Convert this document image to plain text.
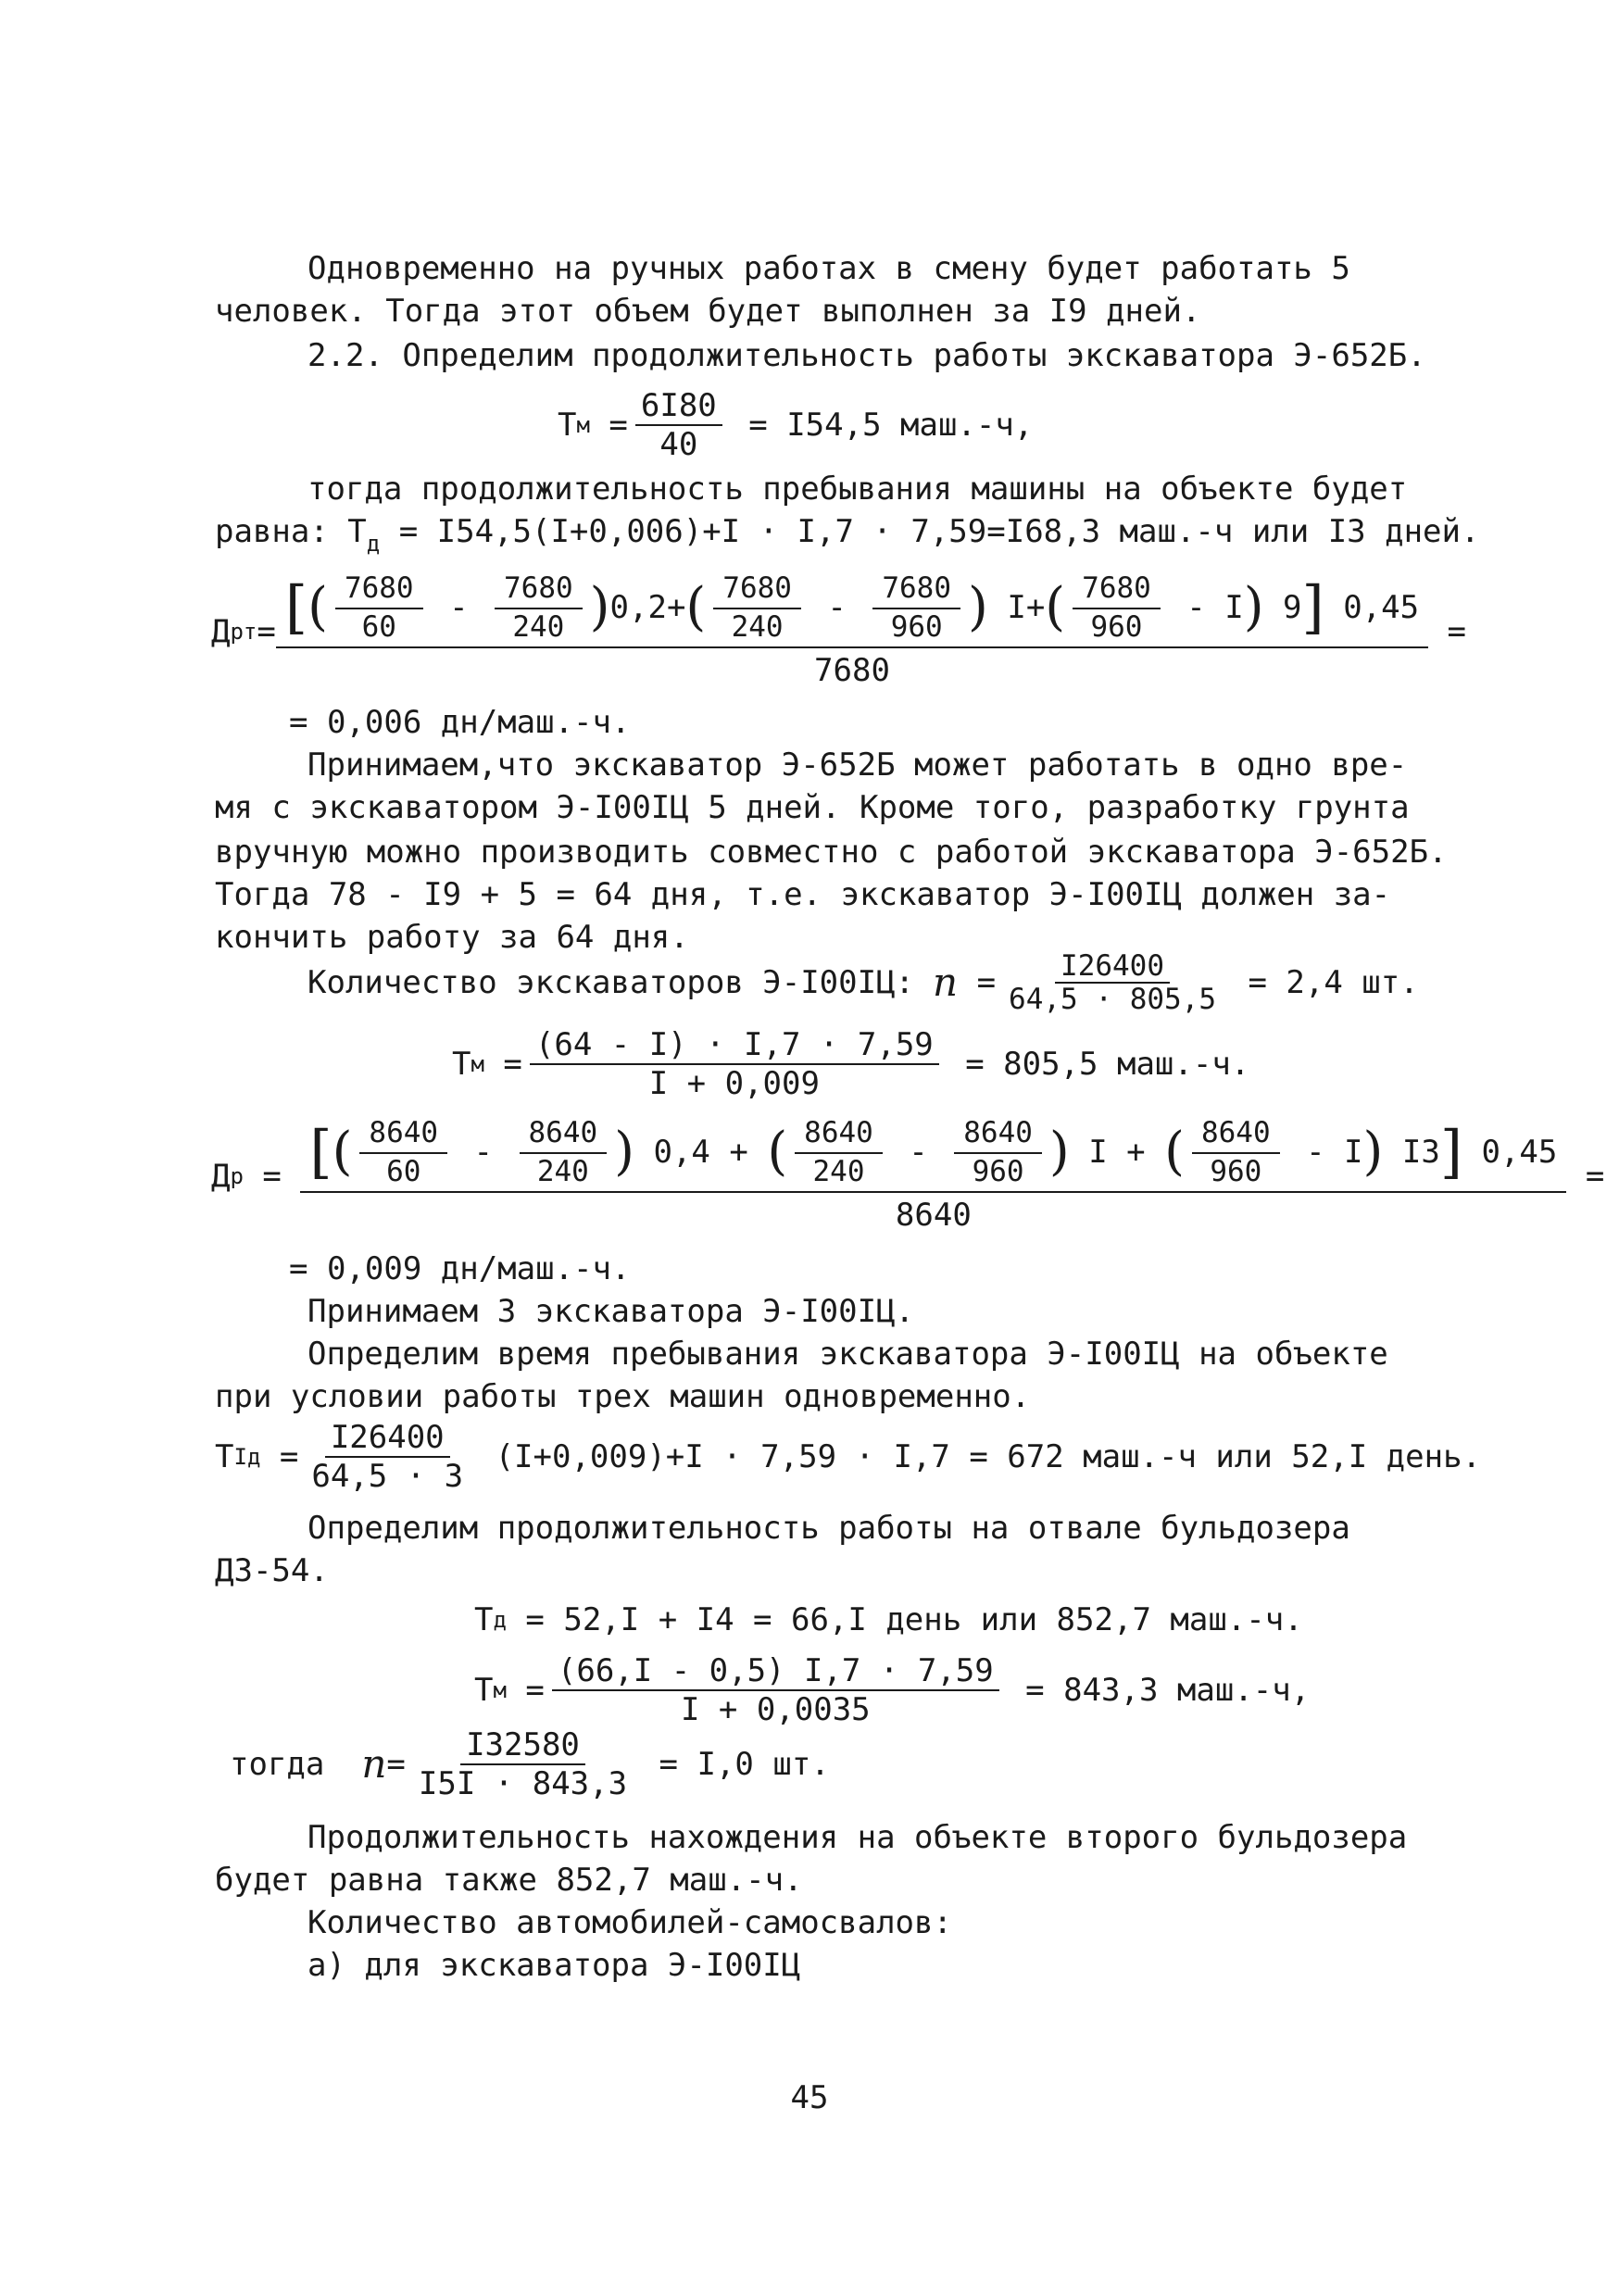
Одновременно на ручных работах в смену будет работать 5
человек. Тогда этот объем будет выполнен за I9 дней.
2.2. Определим продолжительность работы экскаватора Э-652Б.
Т $м = \frac{6I80}{40} = I54,5$ маш.-ч,
тогда продолжительность пребывания машины на объекте будет
равна: $Т_д = I54,5(I+0,006)+I \cdot I,7 \cdot 7,59=I68,3$ маш.-ч или I3 дней.
Д рт = [ ( $\frac{7680}{60} - \frac{7680}{240}$ ) 0,2+ ( $\frac{7680}{240} - \frac{7680}{960}$ ) I+ ( $\frac{7680}{960}$ - I ) 9 ] 0,45
7680
=
= 0,006 дн/маш.-ч.
Принимаем,что экскаватор Э-652Б может работать в одно вре-
мя с экскаватором Э-I00IЦ 5 дней. Кроме того, разработку грунта
вручную можно производить совместно с работой экскаватора Э-652Б.
Тогда 78 - I9 + 5 = 64 дня, т.е. экскаватор Э-I00IЦ должен за-
кончить работу за 64 дня.
Количество экскаваторов Э-I00IЦ: $n = \frac{I26400}{64,5 \cdot 805,5} = 2,4$ шт.
Т $м = \frac{(64 - I) \cdot I,7 \cdot 7,59}{I + 0,009} = 805,5$ маш.-ч.
Д р = [ ( $\frac{8640}{60} - \frac{8640}{240}$ ) 0,4 + ( $\frac{8640}{240} - \frac{8640}{960}$ ) I + ( $\frac{8640}{960}$ - I ) I3 ] 0,45
8640
=
= 0,009 дн/маш.-ч.
Принимаем 3 экскаватора Э-I00IЦ.
Определим время пребывания экскаватора Э-I00IЦ на объекте
при условии работы трех машин одновременно.
Т I $д = \frac{I26400}{64,5 \cdot 3} (I+0,009)+I \cdot 7,59 \cdot I,7 = 672$ маш.-ч или 52,I день.
Определим продолжительность работы на отвале бульдозера
ДЗ-54.
Т д = 52,I + I4 = 66,I день или 852,7 маш.-ч.
Т $м = \frac{(66,I - 0,5) I,7 \cdot 7,59}{I + 0,0035} = 843,3$ маш.-ч,
тогда $n = \frac{I32580}{I5I \cdot 843,3} = I,0$ шт.
Продолжительность нахождения на объекте второго бульдозера
будет равна также 852,7 маш.-ч.
Количество автомобилей-самосвалов:
а) для экскаватора Э-I00IЦ
45
